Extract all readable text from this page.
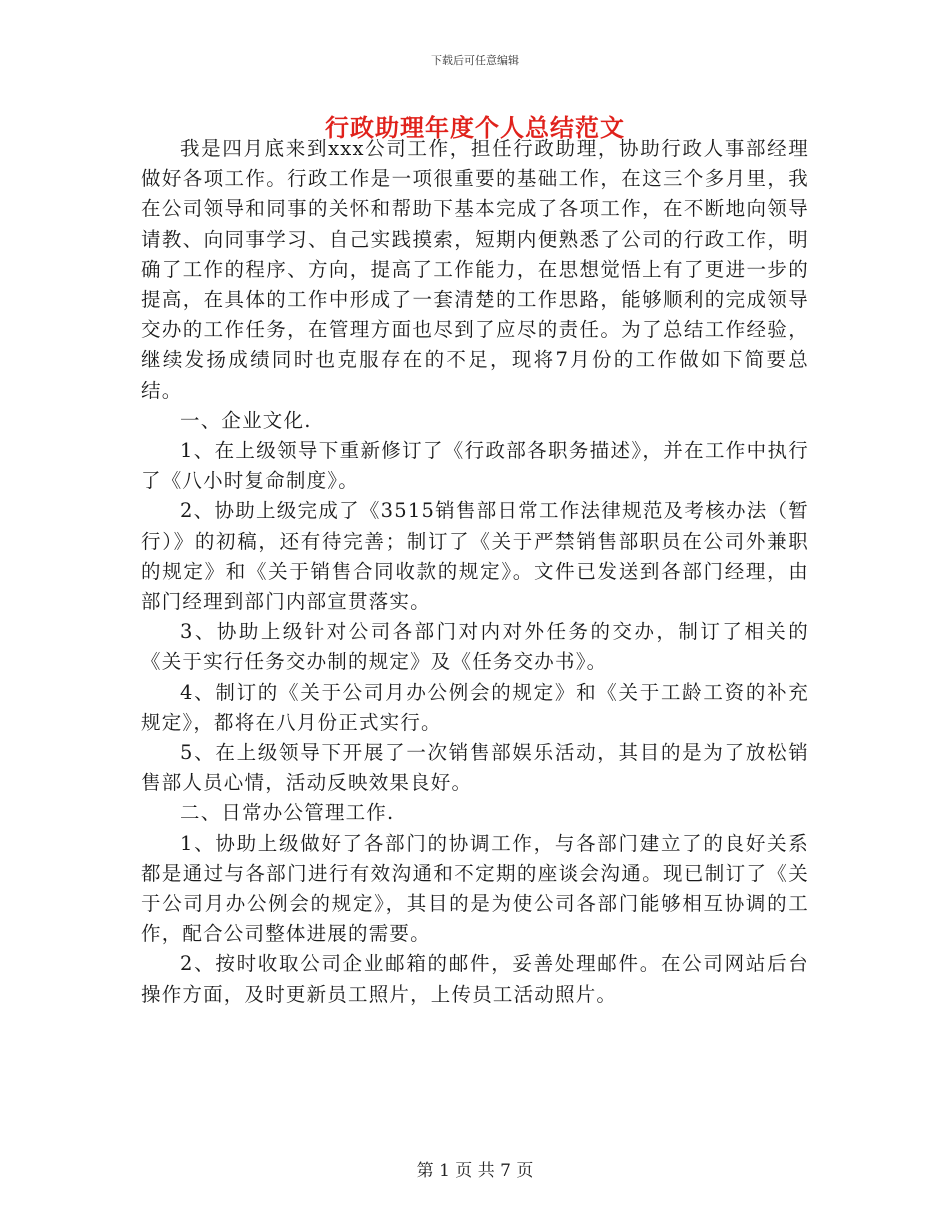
下载后可任意编辑
行政助理年度个人总结范文

我是四月底来到xxx公司工作，担任行政助理，协助行政人事部经理做好各项工作。行政工作是一项很重要的基础工作，在这三个多月里，我在公司领导和同事的关怀和帮助下基本完成了各项工作，在不断地向领导请教、向同事学习、自己实践摸索，短期内便熟悉了公司的行政工作，明确了工作的程序、方向，提高了工作能力，在思想觉悟上有了更进一步的提高，在具体的工作中形成了一套清楚的工作思路，能够顺利的完成领导交办的工作任务，在管理方面也尽到了应尽的责任。为了总结工作经验，继续发扬成绩同时也克服存在的不足，现将7月份的工作做如下简要总结。

一、企业文化.

1、在上级领导下重新修订了《行政部各职务描述》，并在工作中执行了《八小时复命制度》。

2、协助上级完成了《3515销售部日常工作法律规范及考核办法（暂行）》的初稿，还有待完善；制订了《关于严禁销售部职员在公司外兼职的规定》和《关于销售合同收款的规定》。文件已发送到各部门经理，由部门经理到部门内部宣贯落实。

3、协助上级针对公司各部门对内对外任务的交办，制订了相关的《关于实行任务交办制的规定》及《任务交办书》。

4、制订的《关于公司月办公例会的规定》和《关于工龄工资的补充规定》，都将在八月份正式实行。

5、在上级领导下开展了一次销售部娱乐活动，其目的是为了放松销售部人员心情，活动反映效果良好。

二、日常办公管理工作.

1、协助上级做好了各部门的协调工作，与各部门建立了的良好关系都是通过与各部门进行有效沟通和不定期的座谈会沟通。现已制订了《关于公司月办公例会的规定》，其目的是为使公司各部门能够相互协调的工作，配合公司整体进展的需要。

2、按时收取公司企业邮箱的邮件，妥善处理邮件。在公司网站后台操作方面，及时更新员工照片，上传员工活动照片。

第 1 页 共 7 页
